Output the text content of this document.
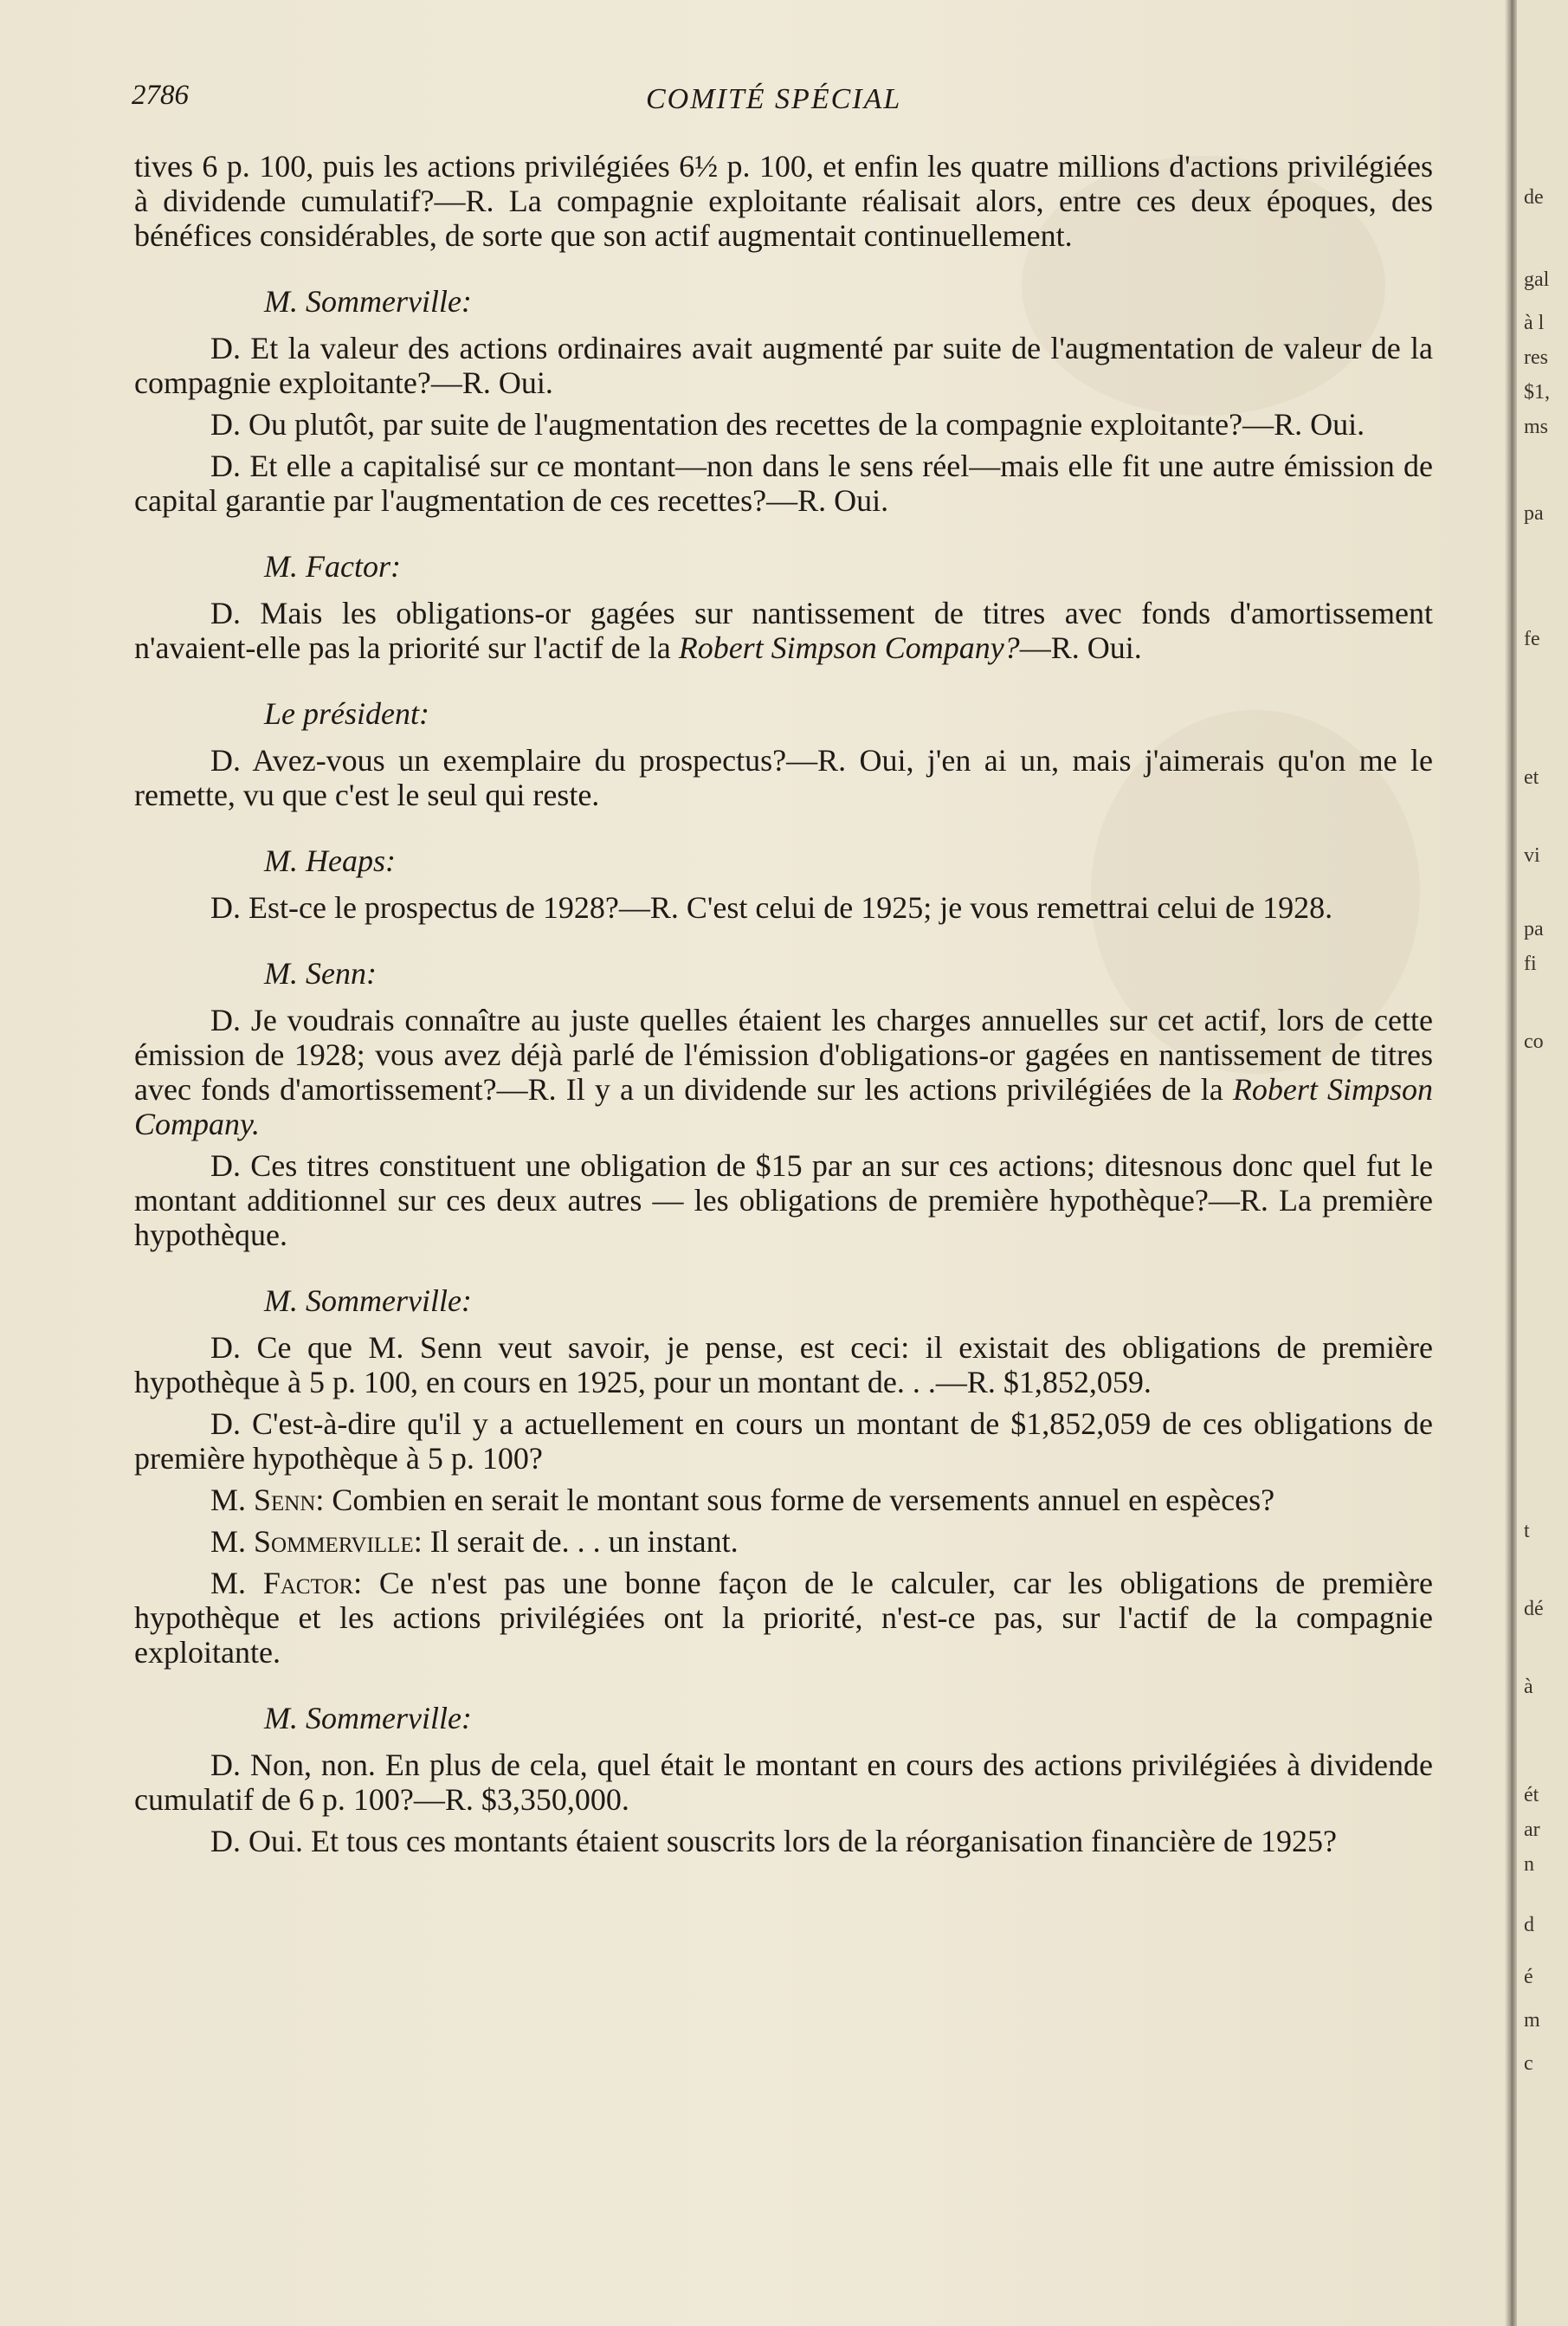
2786	COMITÉ SPÉCIAL

tives 6 p. 100, puis les actions privilégiées 6½ p. 100, et enfin les quatre millions d'actions privilégiées à dividende cumulatif?—R. La compagnie exploitante réalisait alors, entre ces deux époques, des bénéfices considérables, de sorte que son actif augmentait continuellement.

M. Sommerville:

D. Et la valeur des actions ordinaires avait augmenté par suite de l'augmentation de valeur de la compagnie exploitante?—R. Oui.

D. Ou plutôt, par suite de l'augmentation des recettes de la compagnie exploitante?—R. Oui.

D. Et elle a capitalisé sur ce montant—non dans le sens réel—mais elle fit une autre émission de capital garantie par l'augmentation de ces recettes?—R. Oui.

M. Factor:

D. Mais les obligations-or gagées sur nantissement de titres avec fonds d'amortissement n'avaient-elle pas la priorité sur l'actif de la Robert Simpson Company?—R. Oui.

Le président:

D. Avez-vous un exemplaire du prospectus?—R. Oui, j'en ai un, mais j'aimerais qu'on me le remette, vu que c'est le seul qui reste.

M. Heaps:

D. Est-ce le prospectus de 1928?—R. C'est celui de 1925; je vous remettrai celui de 1928.

M. Senn:

D. Je voudrais connaître au juste quelles étaient les charges annuelles sur cet actif, lors de cette émission de 1928; vous avez déjà parlé de l'émission d'obligations-or gagées en nantissement de titres avec fonds d'amortissement?—R. Il y a un dividende sur les actions privilégiées de la Robert Simpson Company.

D. Ces titres constituent une obligation de $15 par an sur ces actions; ditesnous donc quel fut le montant additionnel sur ces deux autres — les obligations de première hypothèque?—R. La première hypothèque.

M. Sommerville:

D. Ce que M. Senn veut savoir, je pense, est ceci: il existait des obligations de première hypothèque à 5 p. 100, en cours en 1925, pour un montant de. . .—R. $1,852,059.

D. C'est-à-dire qu'il y a actuellement en cours un montant de $1,852,059 de ces obligations de première hypothèque à 5 p. 100?

M. Senn: Combien en serait le montant sous forme de versements annuel en espèces?

M. Sommerville: Il serait de. . . un instant.

M. Factor: Ce n'est pas une bonne façon de le calculer, car les obligations de première hypothèque et les actions privilégiées ont la priorité, n'est-ce pas, sur l'actif de la compagnie exploitante.

M. Sommerville:

D. Non, non. En plus de cela, quel était le montant en cours des actions privilégiées à dividende cumulatif de 6 p. 100?—R. $3,350,000.

D. Oui. Et tous ces montants étaient souscrits lors de la réorganisation financière de 1925?

de
gal
à l
res
$1,
ms
pa
fe
et
vi
pa
fi
co
t
dé
à
ét
ar
n
d
é
m
c
